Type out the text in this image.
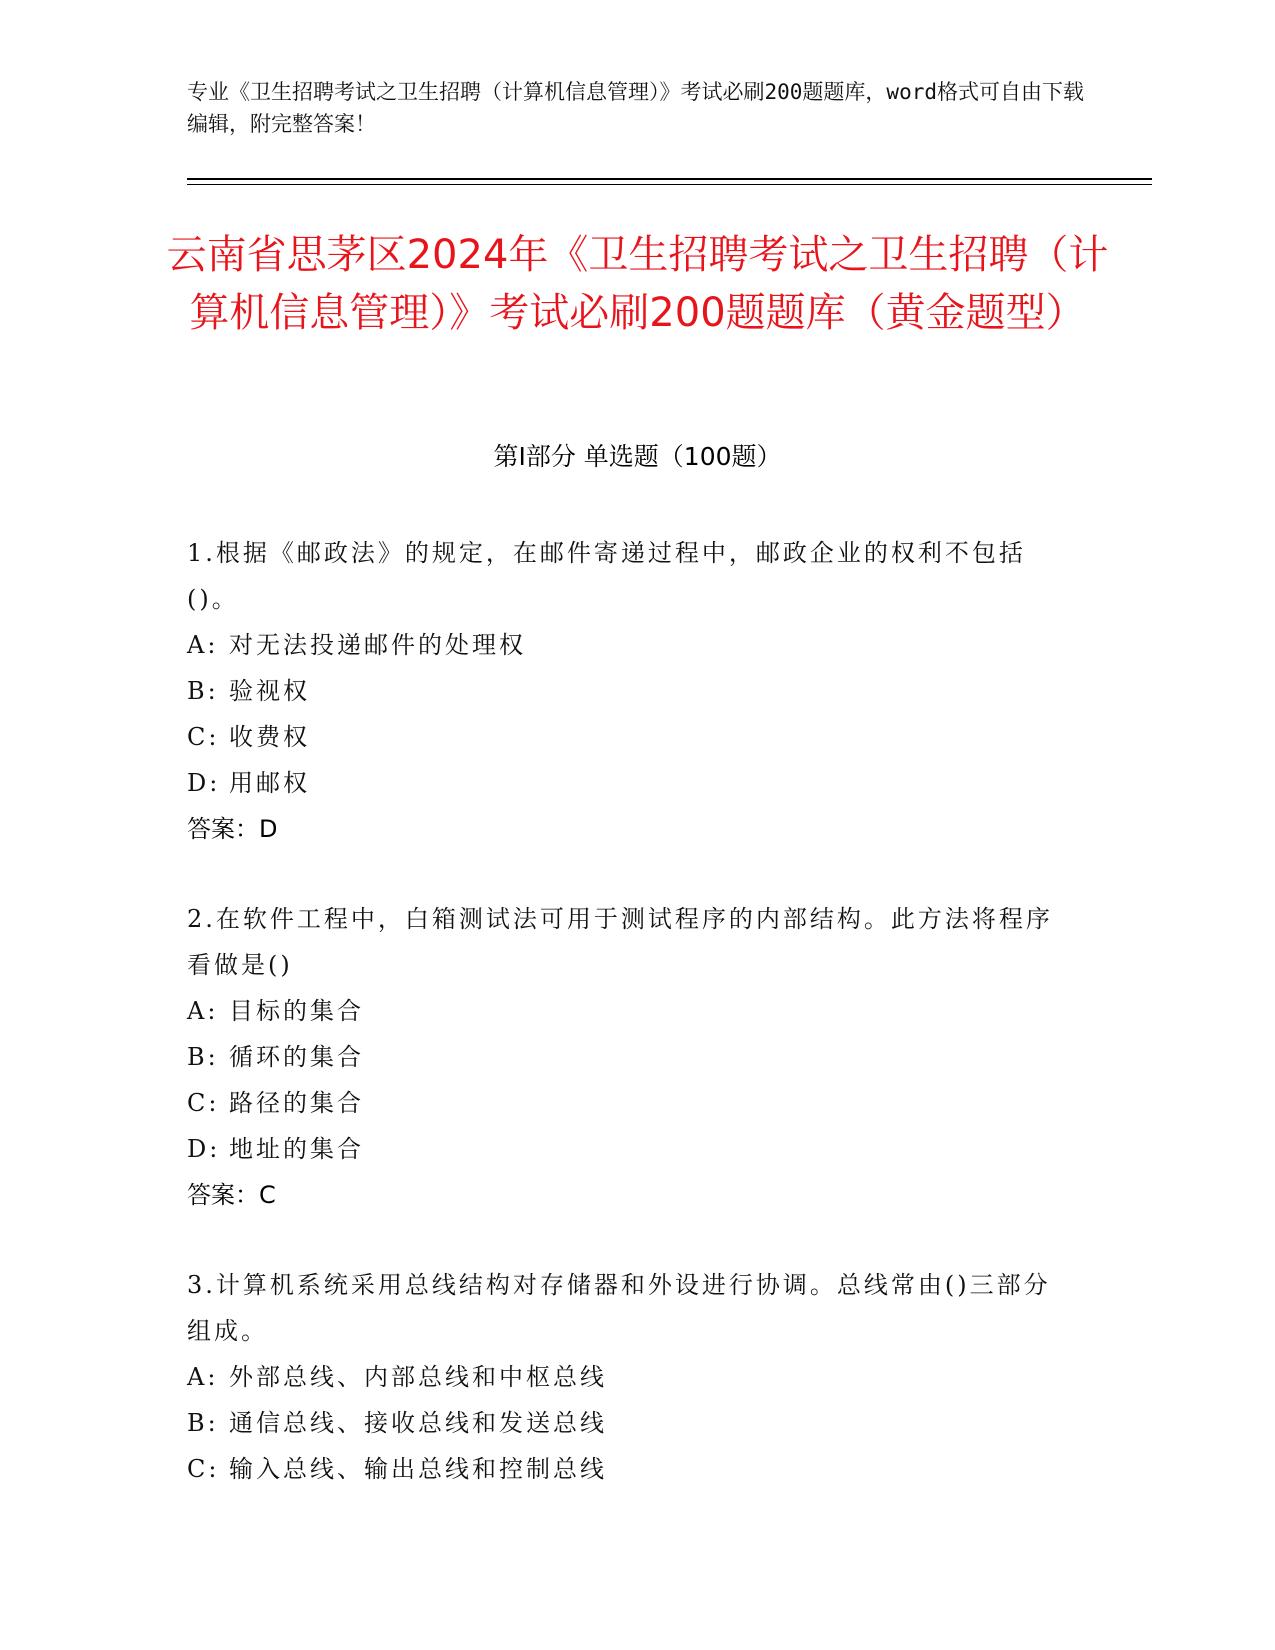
专业《卫生招聘考试之卫生招聘（计算机信息管理）》考试必刷200题题库，word格式可自由下载编辑，附完整答案！
云南省思茅区2024年《卫生招聘考试之卫生招聘（计算机信息管理）》考试必刷200题题库（黄金题型）
第Ⅰ部分 单选题（100题）
1.根据《邮政法》的规定，在邮件寄递过程中，邮政企业的权利不包括()。
A: 对无法投递邮件的处理权
B: 验视权
C: 收费权
D: 用邮权
答案：D
2.在软件工程中，白箱测试法可用于测试程序的内部结构。此方法将程序看做是()
A: 目标的集合
B: 循环的集合
C: 路径的集合
D: 地址的集合
答案：C
3.计算机系统采用总线结构对存储器和外设进行协调。总线常由()三部分组成。
A: 外部总线、内部总线和中枢总线
B: 通信总线、接收总线和发送总线
C: 输入总线、输出总线和控制总线
